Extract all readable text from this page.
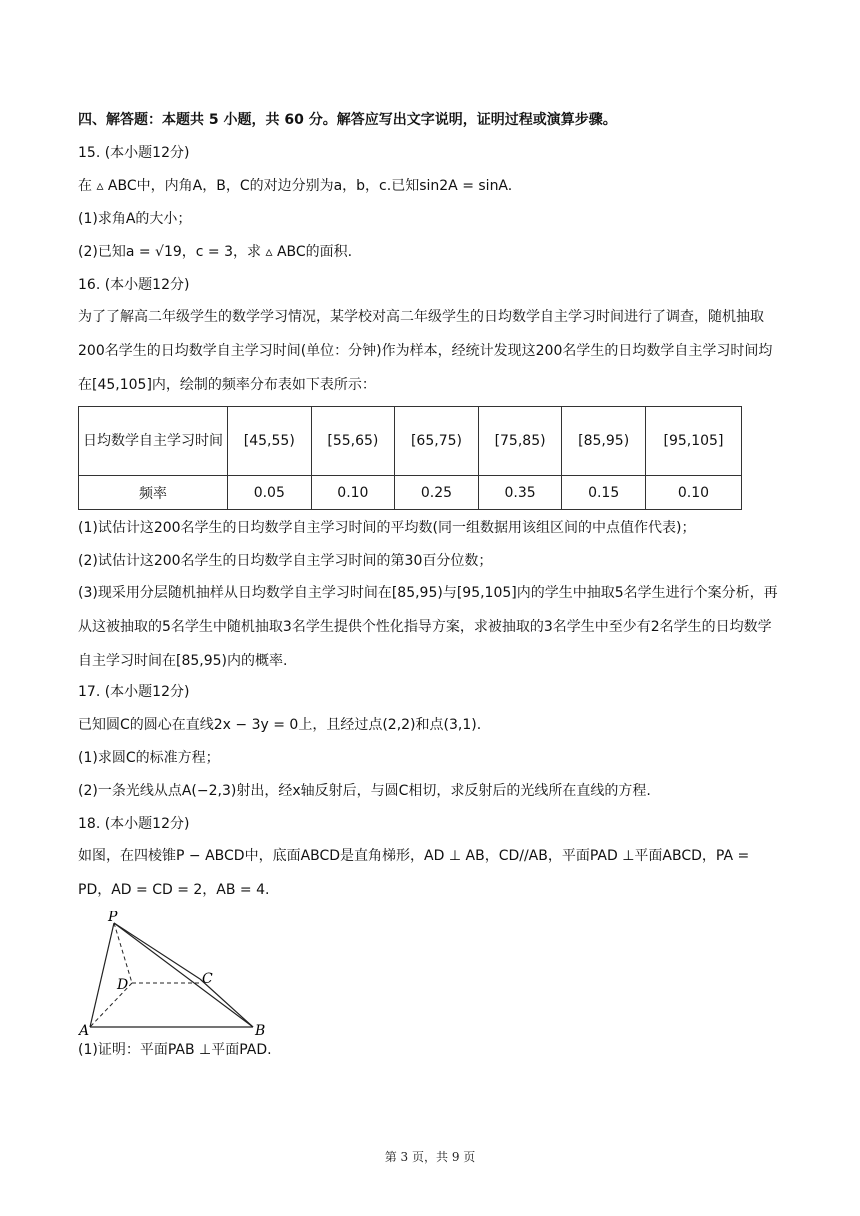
四、解答题：本题共 5 小题，共 60 分。解答应写出文字说明，证明过程或演算步骤。

15. (本小题12分)

在 ▵ ABC中，内角A，B，C的对边分别为a，b，c.已知sin2A = sinA.

(1)求角A的大小；

(2)已知a = √19，c = 3，求 ▵ ABC的面积.

16. (本小题12分)

为了了解高二年级学生的数学学习情况，某学校对高二年级学生的日均数学自主学习时间进行了调查，随机抽取200名学生的日均数学自主学习时间(单位：分钟)作为样本，经统计发现这200名学生的日均数学自主学习时间均在[45,105]内，绘制的频率分布表如下表所示：

日均数学自主学习时间	[45,55)	[55,65)	[65,75)	[75,85)	[85,95)	[95,105]
频率	0.05	0.10	0.25	0.35	0.15	0.10

(1)试估计这200名学生的日均数学自主学习时间的平均数(同一组数据用该组区间的中点值作代表)；

(2)试估计这200名学生的日均数学自主学习时间的第30百分位数；

(3)现采用分层随机抽样从日均数学自主学习时间在[85,95)与[95,105]内的学生中抽取5名学生进行个案分析，再从这被抽取的5名学生中随机抽取3名学生提供个性化指导方案，求被抽取的3名学生中至少有2名学生的日均数学自主学习时间在[85,95)内的概率.

17. (本小题12分)

已知圆C的圆心在直线2x − 3y = 0上，且经过点(2,2)和点(3,1).

(1)求圆C的标准方程；

(2)一条光线从点A(−2,3)射出，经x轴反射后，与圆C相切，求反射后的光线所在直线的方程.

18. (本小题12分)

如图，在四棱锥P − ABCD中，底面ABCD是直角梯形，AD ⊥ AB，CD//AB，平面PAD ⊥平面ABCD，PA = PD，AD = CD = 2，AB = 4.

P
D	C
A	B

(1)证明：平面PAB ⊥平面PAD.

第 3 页，共 9 页
